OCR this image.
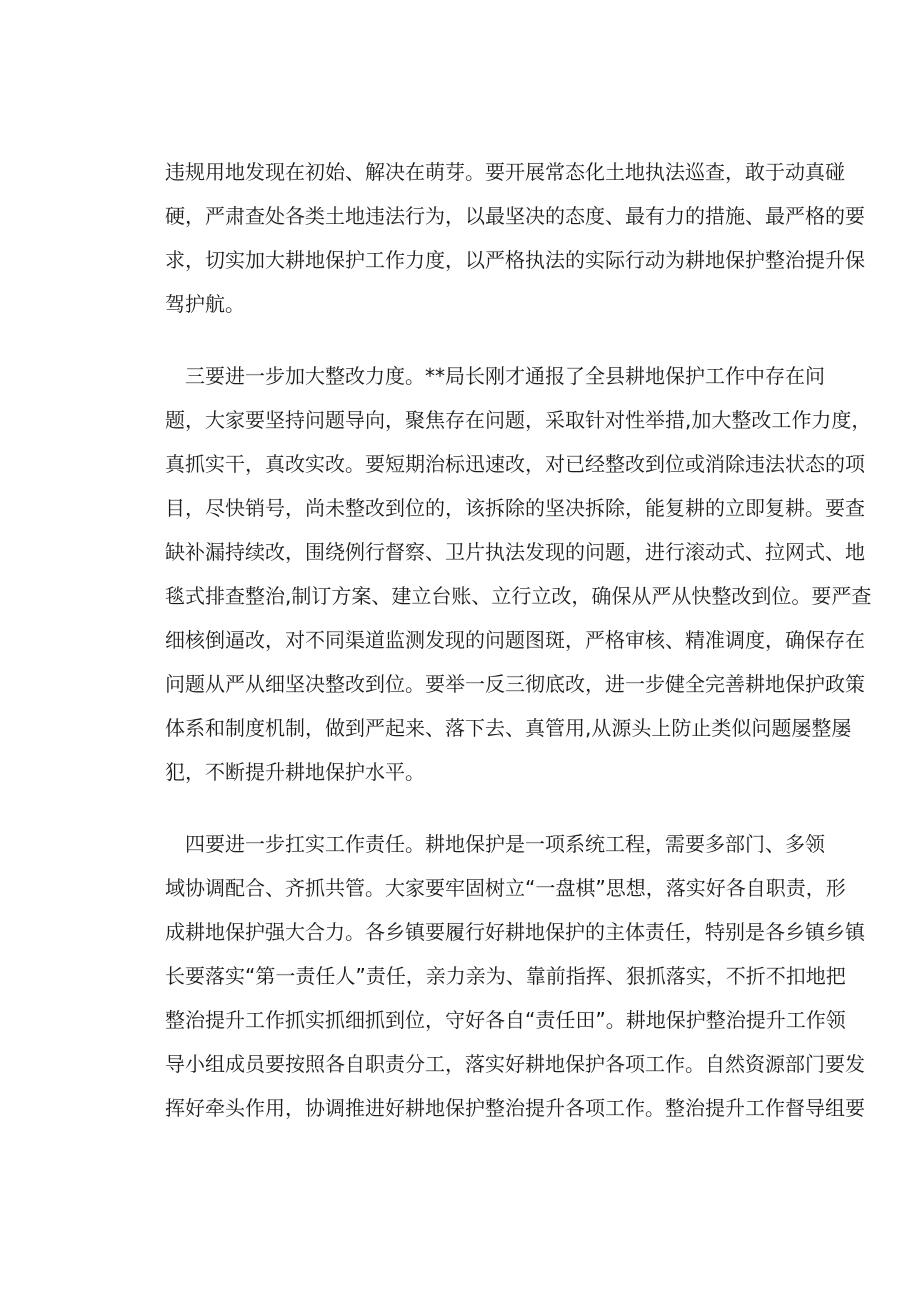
违规用地发现在初始、解决在萌芽。要开展常态化土地执法巡查，敢于动真碰
硬，严肃查处各类土地违法行为，以最坚决的态度、最有力的措施、最严格的要
求，切实加大耕地保护工作力度，以严格执法的实际行动为耕地保护整治提升保
驾护航。

三要进一步加大整改力度。**局长刚才通报了全县耕地保护工作中存在问
题，大家要坚持问题导向，聚焦存在问题，采取针对性举措,加大整改工作力度，
真抓实干，真改实改。要短期治标迅速改，对已经整改到位或消除违法状态的项
目，尽快销号，尚未整改到位的，该拆除的坚决拆除，能复耕的立即复耕。要查
缺补漏持续改，围绕例行督察、卫片执法发现的问题，进行滚动式、拉网式、地
毯式排查整治,制订方案、建立台账、立行立改，确保从严从快整改到位。要严查
细核倒逼改，对不同渠道监测发现的问题图斑，严格审核、精准调度，确保存在
问题从严从细坚决整改到位。要举一反三彻底改，进一步健全完善耕地保护政策
体系和制度机制，做到严起来、落下去、真管用,从源头上防止类似问题屡整屡
犯，不断提升耕地保护水平。

四要进一步扛实工作责任。耕地保护是一项系统工程，需要多部门、多领
域协调配合、齐抓共管。大家要牢固树立“一盘棋”思想，落实好各自职责，形
成耕地保护强大合力。各乡镇要履行好耕地保护的主体责任，特别是各乡镇乡镇
长要落实“第一责任人”责任，亲力亲为、靠前指挥、狠抓落实，不折不扣地把
整治提升工作抓实抓细抓到位，守好各自“责任田”。耕地保护整治提升工作领
导小组成员要按照各自职责分工，落实好耕地保护各项工作。自然资源部门要发
挥好牵头作用，协调推进好耕地保护整治提升各项工作。整治提升工作督导组要
